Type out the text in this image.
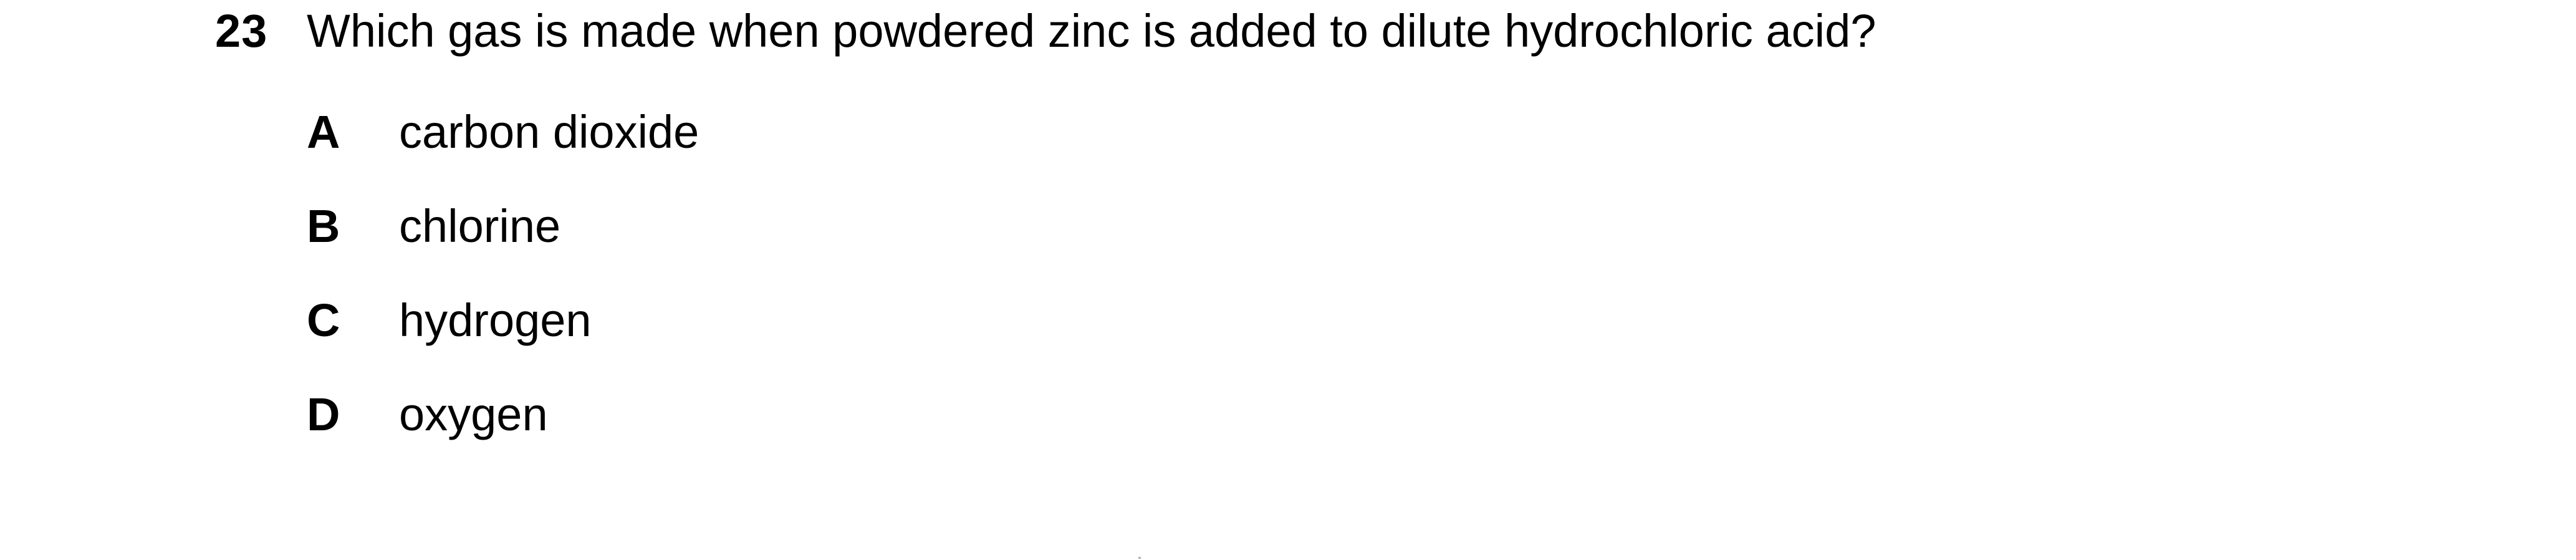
23 Which gas is made when powdered zinc is added to dilute hydrochloric acid?
A carbon dioxide
B chlorine
C hydrogen
D oxygen
